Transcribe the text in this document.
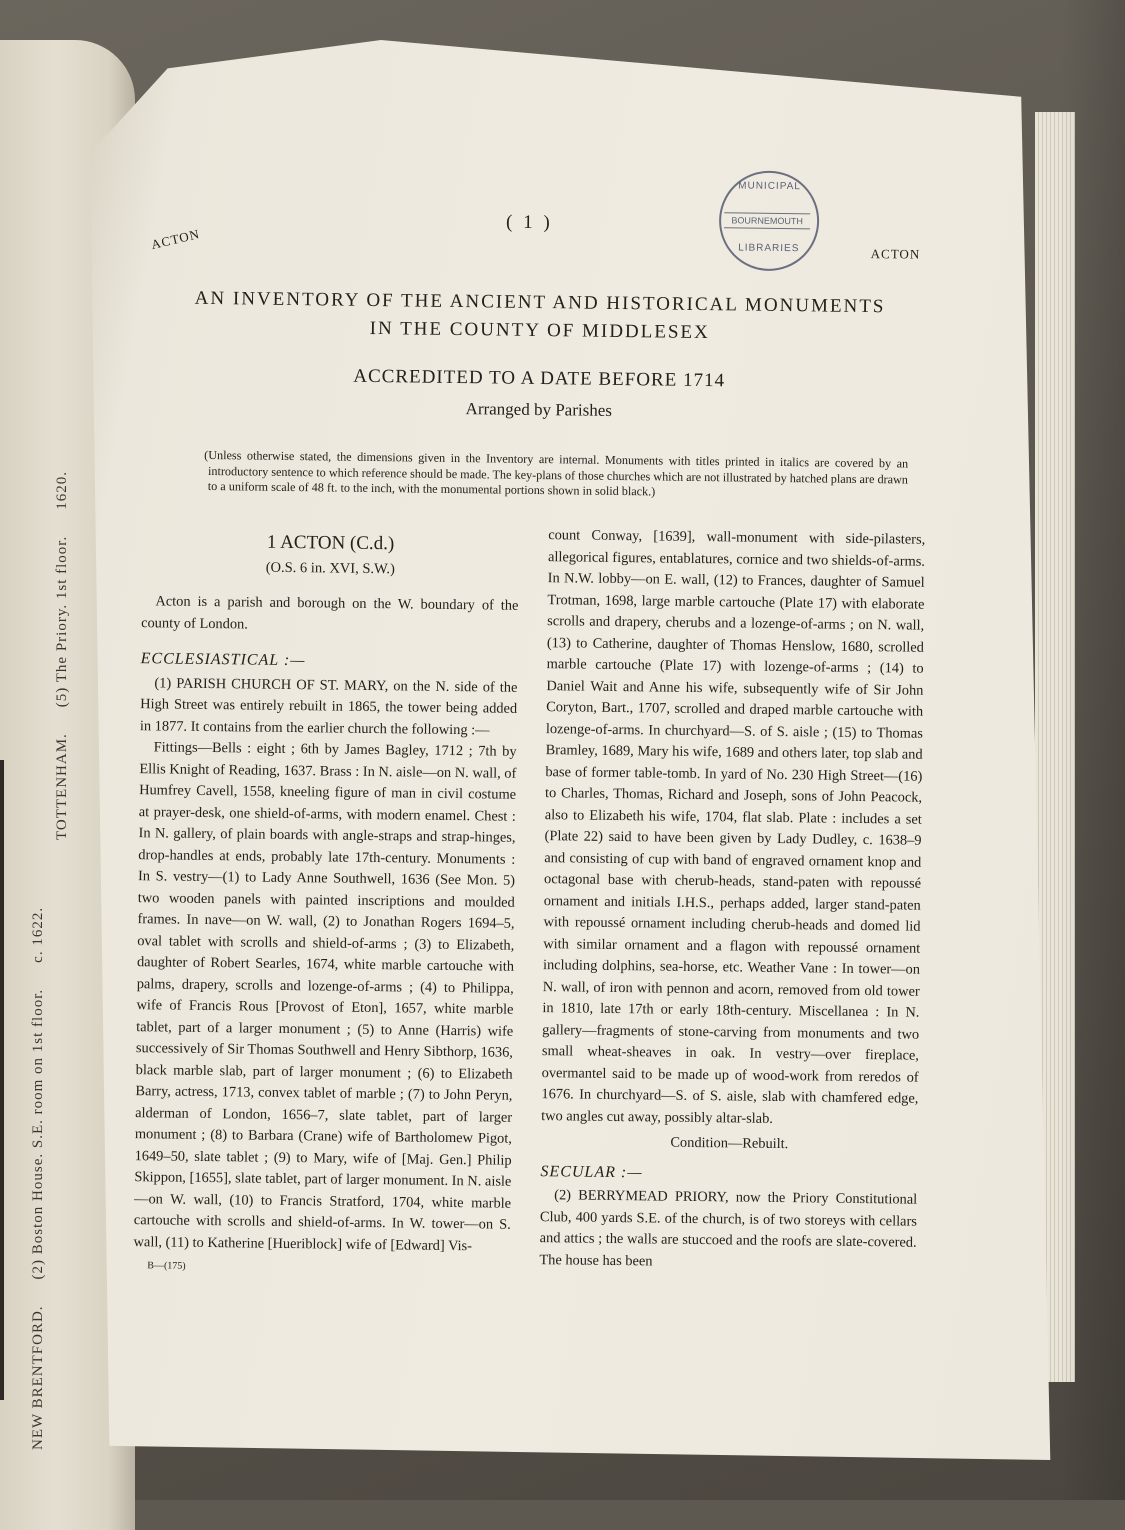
NEW BRENTFORD.(2) Boston House. S.E. room on 1st floor.c. 1622.
TOTTENHAM.(5) The Priory. 1st floor.1620.
ACTON
( 1 )
MUNICIPAL
BOURNEMOUTH
LIBRARIES	ACTON
AN INVENTORY OF THE ANCIENT AND HISTORICAL MONUMENTS
IN THE COUNTY OF MIDDLESEX
ACCREDITED TO A DATE BEFORE 1714
Arranged by Parishes
(Unless otherwise stated, the dimensions given in the Inventory are internal. Monuments with titles printed in italics are covered by an introductory sentence to which reference should be made. The key-plans of those churches which are not illustrated by hatched plans are drawn to a uniform scale of 48 ft. to the inch, with the monumental portions shown in solid black.)
1 ACTON (C.d.)
(O.S. 6 in. XVI, S.W.)

Acton is a parish and borough on the W. boundary of the county of London.

ECCLESIASTICAL :—

(1) PARISH CHURCH OF ST. MARY, on the N. side of the High Street was entirely rebuilt in 1865, the tower being added in 1877. It contains from the earlier church the following :—

Fittings—Bells : eight ; 6th by James Bagley, 1712 ; 7th by Ellis Knight of Reading, 1637. Brass : In N. aisle—on N. wall, of Humfrey Cavell, 1558, kneeling figure of man in civil costume at prayer-desk, one shield-of-arms, with modern enamel. Chest : In N. gallery, of plain boards with angle-straps and strap-hinges, drop-handles at ends, probably late 17th-century. Monuments : In S. vestry—(1) to Lady Anne Southwell, 1636 (See Mon. 5) two wooden panels with painted inscriptions and moulded frames. In nave—on W. wall, (2) to Jonathan Rogers 1694–5, oval tablet with scrolls and shield-of-arms ; (3) to Elizabeth, daughter of Robert Searles, 1674, white marble cartouche with palms, drapery, scrolls and lozenge-of-arms ; (4) to Philippa, wife of Francis Rous [Provost of Eton], 1657, white marble tablet, part of a larger monument ; (5) to Anne (Harris) wife successively of Sir Thomas Southwell and Henry Sibthorp, 1636, black marble slab, part of larger monument ; (6) to Elizabeth Barry, actress, 1713, convex tablet of marble ; (7) to John Peryn, alderman of London, 1656–7, slate tablet, part of larger monument ; (8) to Barbara (Crane) wife of Bartholomew Pigot, 1649–50, slate tablet ; (9) to Mary, wife of [Maj. Gen.] Philip Skippon, [1655], slate tablet, part of larger monument. In N. aisle—on W. wall, (10) to Francis Stratford, 1704, white marble cartouche with scrolls and shield-of-arms. In W. tower—on S. wall, (11) to Katherine [Hueriblock] wife of [Edward] Vis-

B—(175)

count Conway, [1639], wall-monument with side-pilasters, allegorical figures, entablatures, cornice and two shields-of-arms. In N.W. lobby—on E. wall, (12) to Frances, daughter of Samuel Trotman, 1698, large marble cartouche (Plate 17) with elaborate scrolls and drapery, cherubs and a lozenge-of-arms ; on N. wall, (13) to Catherine, daughter of Thomas Henslow, 1680, scrolled marble cartouche (Plate 17) with lozenge-of-arms ; (14) to Daniel Wait and Anne his wife, subsequently wife of Sir John Coryton, Bart., 1707, scrolled and draped marble cartouche with lozenge-of-arms. In churchyard—S. of S. aisle ; (15) to Thomas Bramley, 1689, Mary his wife, 1689 and others later, top slab and base of former table-tomb. In yard of No. 230 High Street—(16) to Charles, Thomas, Richard and Joseph, sons of John Peacock, also to Elizabeth his wife, 1704, flat slab. Plate : includes a set (Plate 22) said to have been given by Lady Dudley, c. 1638–9 and consisting of cup with band of engraved ornament knop and octagonal base with cherub-heads, stand-paten with repoussé ornament and initials I.H.S., perhaps added, larger stand-paten with repoussé ornament including cherub-heads and domed lid with similar ornament and a flagon with repoussé ornament including dolphins, sea-horse, etc. Weather Vane : In tower—on N. wall, of iron with pennon and acorn, removed from old tower in 1810, late 17th or early 18th-century. Miscellanea : In N. gallery—fragments of stone-carving from monuments and two small wheat-sheaves in oak. In vestry—over fireplace, overmantel said to be made up of wood-work from reredos of 1676. In churchyard—S. of S. aisle, slab with chamfered edge, two angles cut away, possibly altar-slab.

Condition—Rebuilt.

SECULAR :—

(2) BERRYMEAD PRIORY, now the Priory Constitutional Club, 400 yards S.E. of the church, is of two storeys with cellars and attics ; the walls are stuccoed and the roofs are slate-covered. The house has been
